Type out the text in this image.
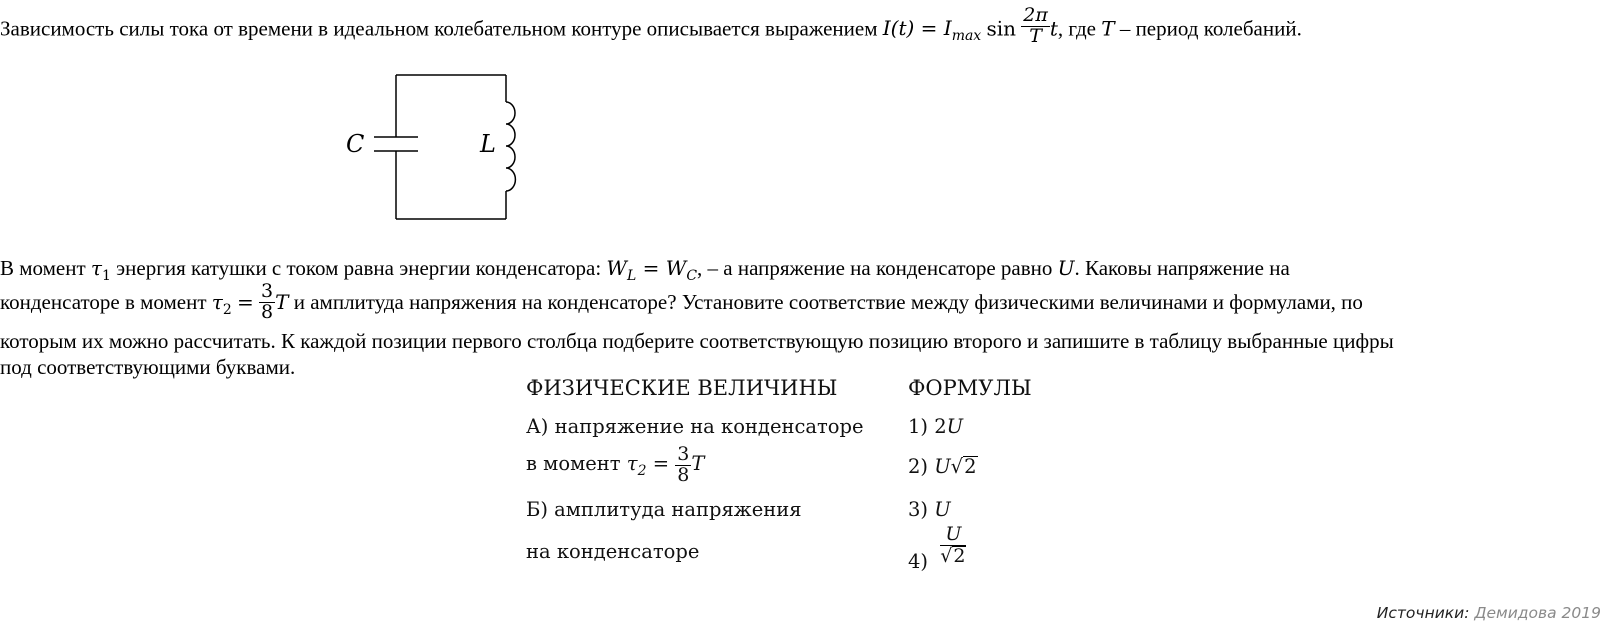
Зависимость силы тока от времени в идеальном колебательном контуре описывается выражением $I(t) = I_{max}$ $\sin \frac{2\pi}{T} t$, где T – период колебаний.
C	L
В момент $\tau_1$ энергия катушки с током равна энергии конденсатора: $W_L = W_C$, – а напряжение на конденсаторе равно U. Каковы напряжение на
конденсаторе в момент $\tau_2 = \frac{3}{8}$ T и амплитуда напряжения на конденсаторе? Установите соответствие между физическими величинами и формулами, по
которым их можно рассчитать. К каждой позиции первого столбца подберите соответствующую позицию второго и запишите в таблицу выбранные цифры
под соответствующими буквами.
ФИЗИЧЕСКИЕ ВЕЛИЧИНЫ	ФОРМУЛЫ
А) напряжение на конденсаторе
в момент $\tau_2 = \frac{3}{8}$ T
Б) амплитуда напряжения
на конденсаторе
1) 2U
2) U√2
3) U
$4) \frac{U}{√2}$
Источники: Демидова 2019
